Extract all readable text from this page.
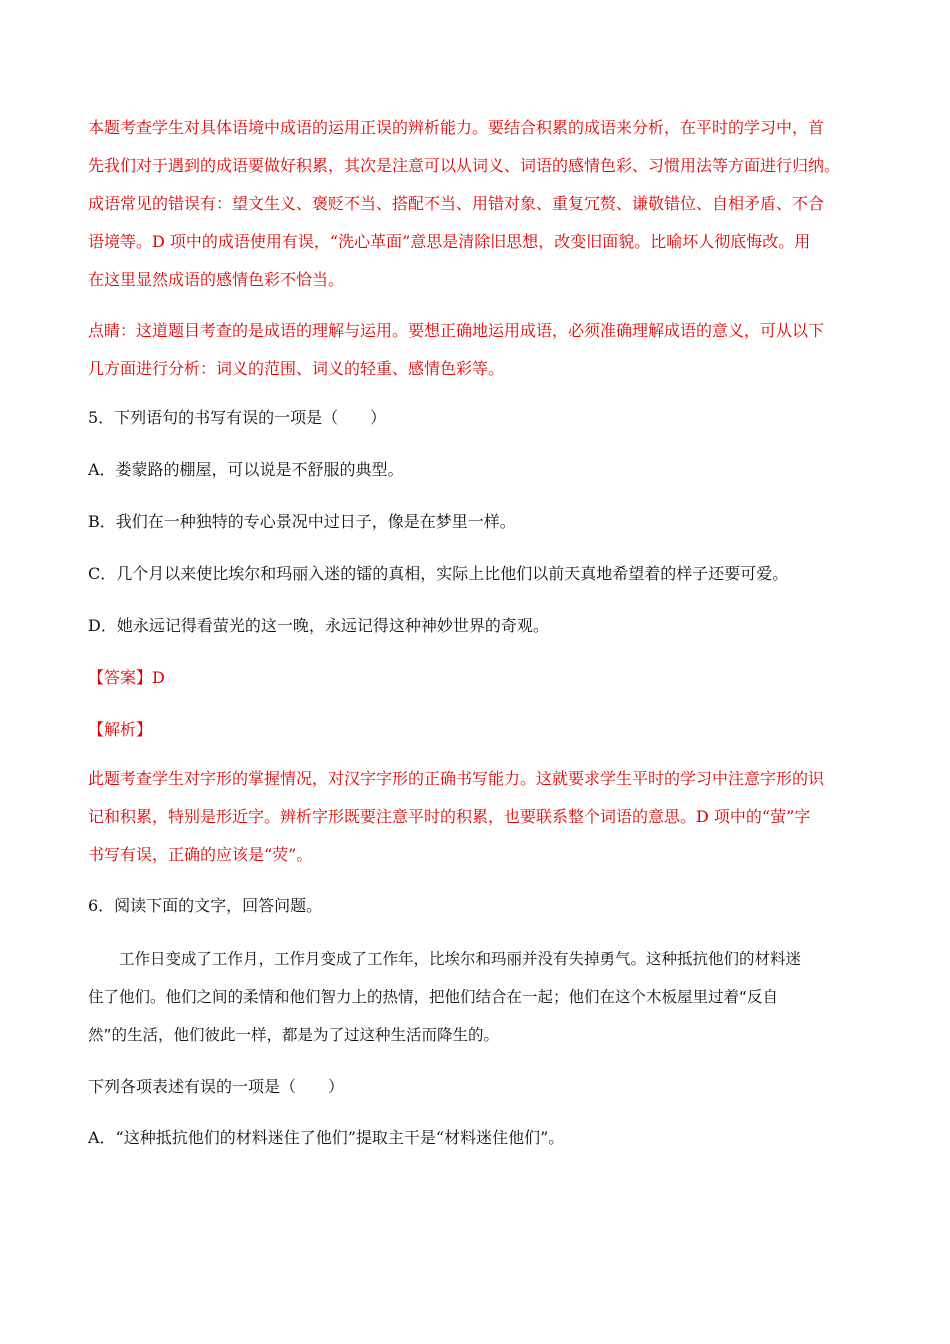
本题考查学生对具体语境中成语的运用正误的辨析能力。要结合积累的成语来分析，在平时的学习中，首
先我们对于遇到的成语要做好积累，其次是注意可以从词义、词语的感情色彩、习惯用法等方面进行归纳。
成语常见的错误有：望文生义、褒贬不当、搭配不当、用错对象、重复冗赘、谦敬错位、自相矛盾、不合
语境等。D 项中的成语使用有误，“洗心革面”意思是清除旧思想，改变旧面貌。比喻坏人彻底悔改。用
在这里显然成语的感情色彩不恰当。
点睛：这道题目考查的是成语的理解与运用。要想正确地运用成语，必须准确理解成语的意义，可从以下
几方面进行分析：词义的范围、词义的轻重、感情色彩等。
5．下列语句的书写有误的一项是（　　）
A．娄蒙路的棚屋，可以说是不舒服的典型。
B．我们在一种独特的专心景况中过日子，像是在梦里一样。
C．几个月以来使比埃尔和玛丽入迷的镭的真相，实际上比他们以前天真地希望着的样子还要可爱。
D．她永远记得看萤光的这一晚，永远记得这种神妙世界的奇观。
【答案】D
【解析】
此题考查学生对字形的掌握情况，对汉字字形的正确书写能力。这就要求学生平时的学习中注意字形的识
记和积累，特别是形近字。辨析字形既要注意平时的积累，也要联系整个词语的意思。D 项中的“萤”字
书写有误，正确的应该是“荧”。
6．阅读下面的文字，回答问题。
　　工作日变成了工作月，工作月变成了工作年，比埃尔和玛丽并没有失掉勇气。这种抵抗他们的材料迷
住了他们。他们之间的柔情和他们智力上的热情，把他们结合在一起；他们在这个木板屋里过着“反自
然”的生活，他们彼此一样，都是为了过这种生活而降生的。
下列各项表述有误的一项是（　　）
A．“这种抵抗他们的材料迷住了他们”提取主干是“材料迷住他们”。
